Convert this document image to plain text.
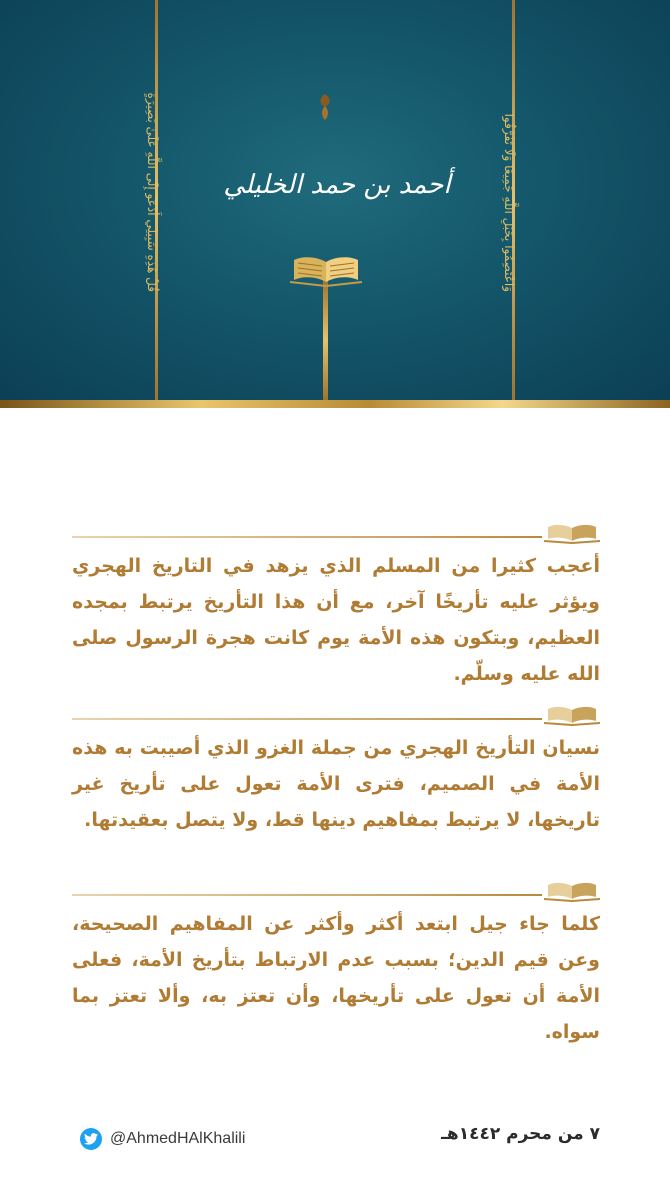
قُلْ هَٰذِهِ سَبِيلِي أَدْعُو إِلَى اللَّهِ عَلَىٰ بَصِيرَةٍ	وَاعْتَصِمُوا بِحَبْلِ اللَّهِ جَمِيعًا وَلَا تَفَرَّقُوا
أحمد بن حمد الخليلي

أعجب كثيرا من المسلم الذي يزهد في التاريخ الهجري ويؤثر عليه تأريخًا آخر، مع أن هذا التأريخ يرتبط بمجده العظيم، وبتكون هذه الأمة يوم كانت هجرة الرسول صلى الله عليه وسلّم.

نسيان التأريخ الهجري من جملة الغزو الذي أصيبت به هذه الأمة في الصميم، فترى الأمة تعول على تأريخ غير تاريخها، لا يرتبط بمفاهيم دينها قط، ولا يتصل بعقيدتها.

كلما جاء جيل ابتعد أكثر وأكثر عن المفاهيم الصحيحة، وعن قيم الدين؛ بسبب عدم الارتباط بتأريخ الأمة، فعلى الأمة أن تعول على تأريخها، وأن تعتز به، وألا تعتز بما سواه.

٧ من محرم ١٤٤٢هـ
@AhmedHAlKhalili
